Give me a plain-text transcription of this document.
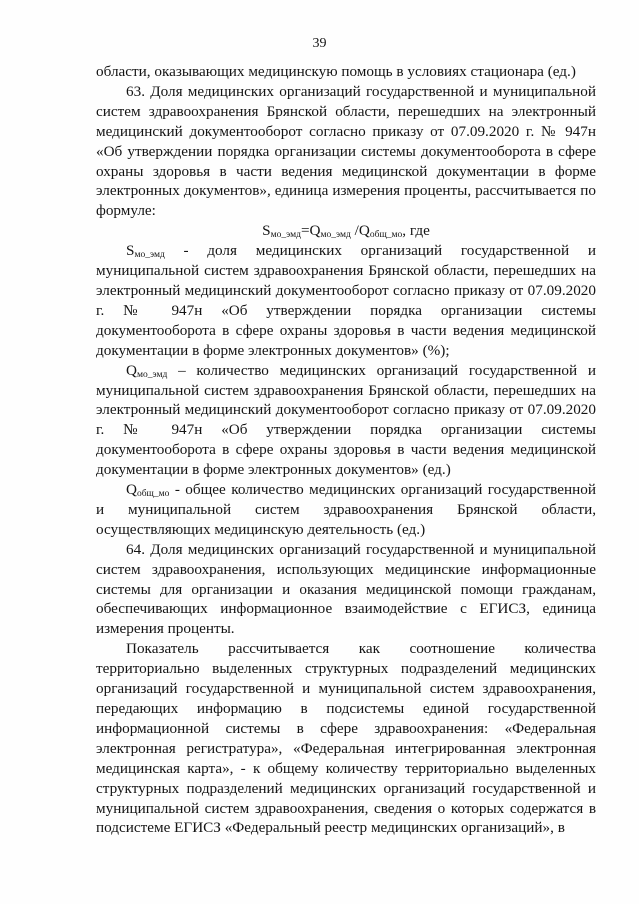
39

области, оказывающих медицинскую помощь в условиях стационара (ед.)

63. Доля медицинских организаций государственной и муниципальной систем здравоохранения Брянской области, перешедших на электронный медицинский документооборот согласно приказу от 07.09.2020 г. № 947н «Об утверждении порядка организации системы документооборота в сфере охраны здоровья в части ведения медицинской документации в форме электронных документов», единица измерения проценты, рассчитывается по формуле:

$S_{мо\_эмд}=Q_{мо\_эмд}$ $/Q_{общ\_мо}$, где

$S_{мо\_эмд}$ - доля медицинских организаций государственной и муниципальной систем здравоохранения Брянской области, перешедших на электронный медицинский документооборот согласно приказу от 07.09.2020 г. № 947н «Об утверждении порядка организации системы документооборота в сфере охраны здоровья в части ведения медицинской документации в форме электронных документов» (%);

$Q_{мо\_эмд}$ – количество медицинских организаций государственной и муниципальной систем здравоохранения Брянской области, перешедших на электронный медицинский документооборот согласно приказу от 07.09.2020 г. № 947н «Об утверждении порядка организации системы документооборота в сфере охраны здоровья в части ведения медицинской документации в форме электронных документов» (ед.)

$Q_{общ\_мо}$ - общее количество медицинских организаций государственной и муниципальной систем здравоохранения Брянской области, осуществляющих медицинскую деятельность (ед.)

64. Доля медицинских организаций государственной и муниципальной систем здравоохранения, использующих медицинские информационные системы для организации и оказания медицинской помощи гражданам, обеспечивающих информационное взаимодействие с ЕГИСЗ, единица измерения проценты.

Показатель рассчитывается как соотношение количества территориально выделенных структурных подразделений медицинских организаций государственной и муниципальной систем здравоохранения, передающих информацию в подсистемы единой государственной информационной системы в сфере здравоохранения: «Федеральная электронная регистратура», «Федеральная интегрированная электронная медицинская карта», - к общему количеству территориально выделенных структурных подразделений медицинских организаций государственной и муниципальной систем здравоохранения, сведения о которых содержатся в подсистеме ЕГИСЗ «Федеральный реестр медицинских организаций», в
